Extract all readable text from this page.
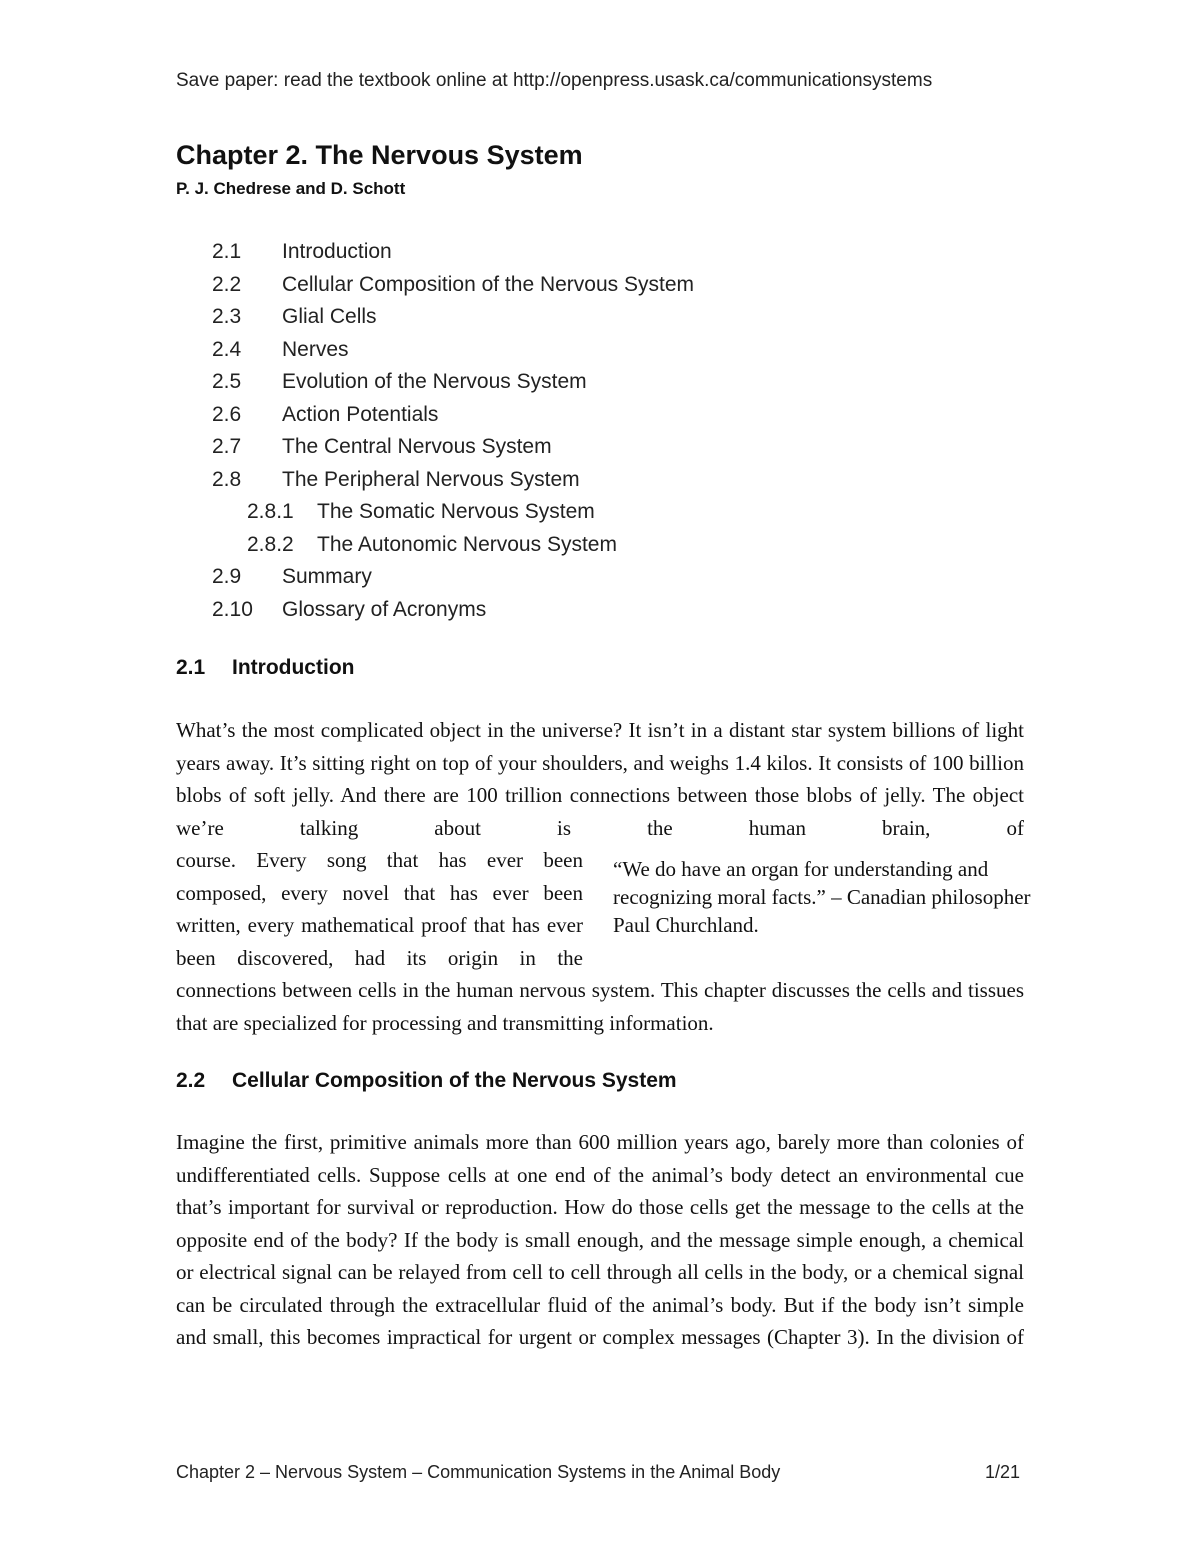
Save paper: read the textbook online at http://openpress.usask.ca/communicationsystems
Chapter 2. The Nervous System
P. J. Chedrese and D. Schott
2.1 Introduction
2.2 Cellular Composition of the Nervous System
2.3 Glial Cells
2.4 Nerves
2.5 Evolution of the Nervous System
2.6 Action Potentials
2.7 The Central Nervous System
2.8 The Peripheral Nervous System
2.8.1 The Somatic Nervous System
2.8.2 The Autonomic Nervous System
2.9 Summary
2.10 Glossary of Acronyms
2.1 Introduction

What’s the most complicated object in the universe? It isn’t in a distant star system billions of light years away. It’s sitting right on top of your shoulders, and weighs 1.4 kilos. It consists of 100 billion blobs of soft jelly. And there are 100 trillion connections between those blobs of jelly. The object we’re talking about is the human brain, of

course. Every song that has ever been composed, every novel that has ever been written, every mathematical proof that has ever been discovered, had its origin in the

“We do have an organ for understanding and recognizing moral facts.” – Canadian philosopher Paul Churchland.

connections between cells in the human nervous system. This chapter discusses the cells and tissues that are specialized for processing and transmitting information.

2.2 Cellular Composition of the Nervous System

Imagine the first, primitive animals more than 600 million years ago, barely more than colonies of undifferentiated cells. Suppose cells at one end of the animal’s body detect an environmental cue that’s important for survival or reproduction. How do those cells get the message to the cells at the opposite end of the body? If the body is small enough, and the message simple enough, a chemical or electrical signal can be relayed from cell to cell through all cells in the body, or a chemical signal can be circulated through the extracellular fluid of the animal’s body. But if the body isn’t simple and small, this becomes impractical for urgent or complex messages (Chapter 3). In the division of

Chapter 2 – Nervous System – Communication Systems in the Animal Body	1/21
